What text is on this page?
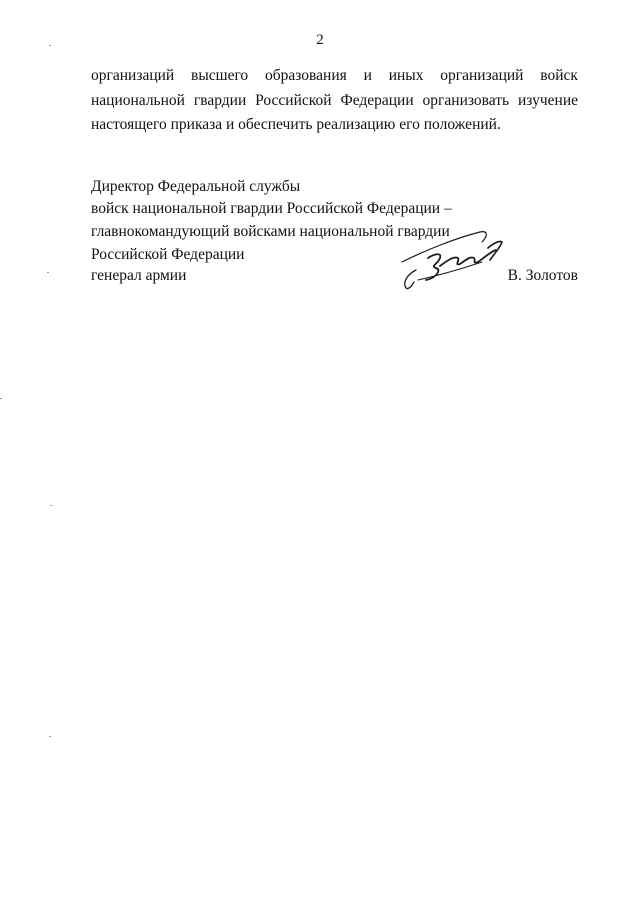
2
организаций высшего образования и иных организаций войск
национальной гвардии Российской Федерации организовать изучение
настоящего приказа и обеспечить реализацию его положений.
Директор Федеральной службы
войск национальной гвардии Российской Федерации –
главнокомандующий войсками национальной гвардии
Российской Федерации
генерал армии	В. Золотов
